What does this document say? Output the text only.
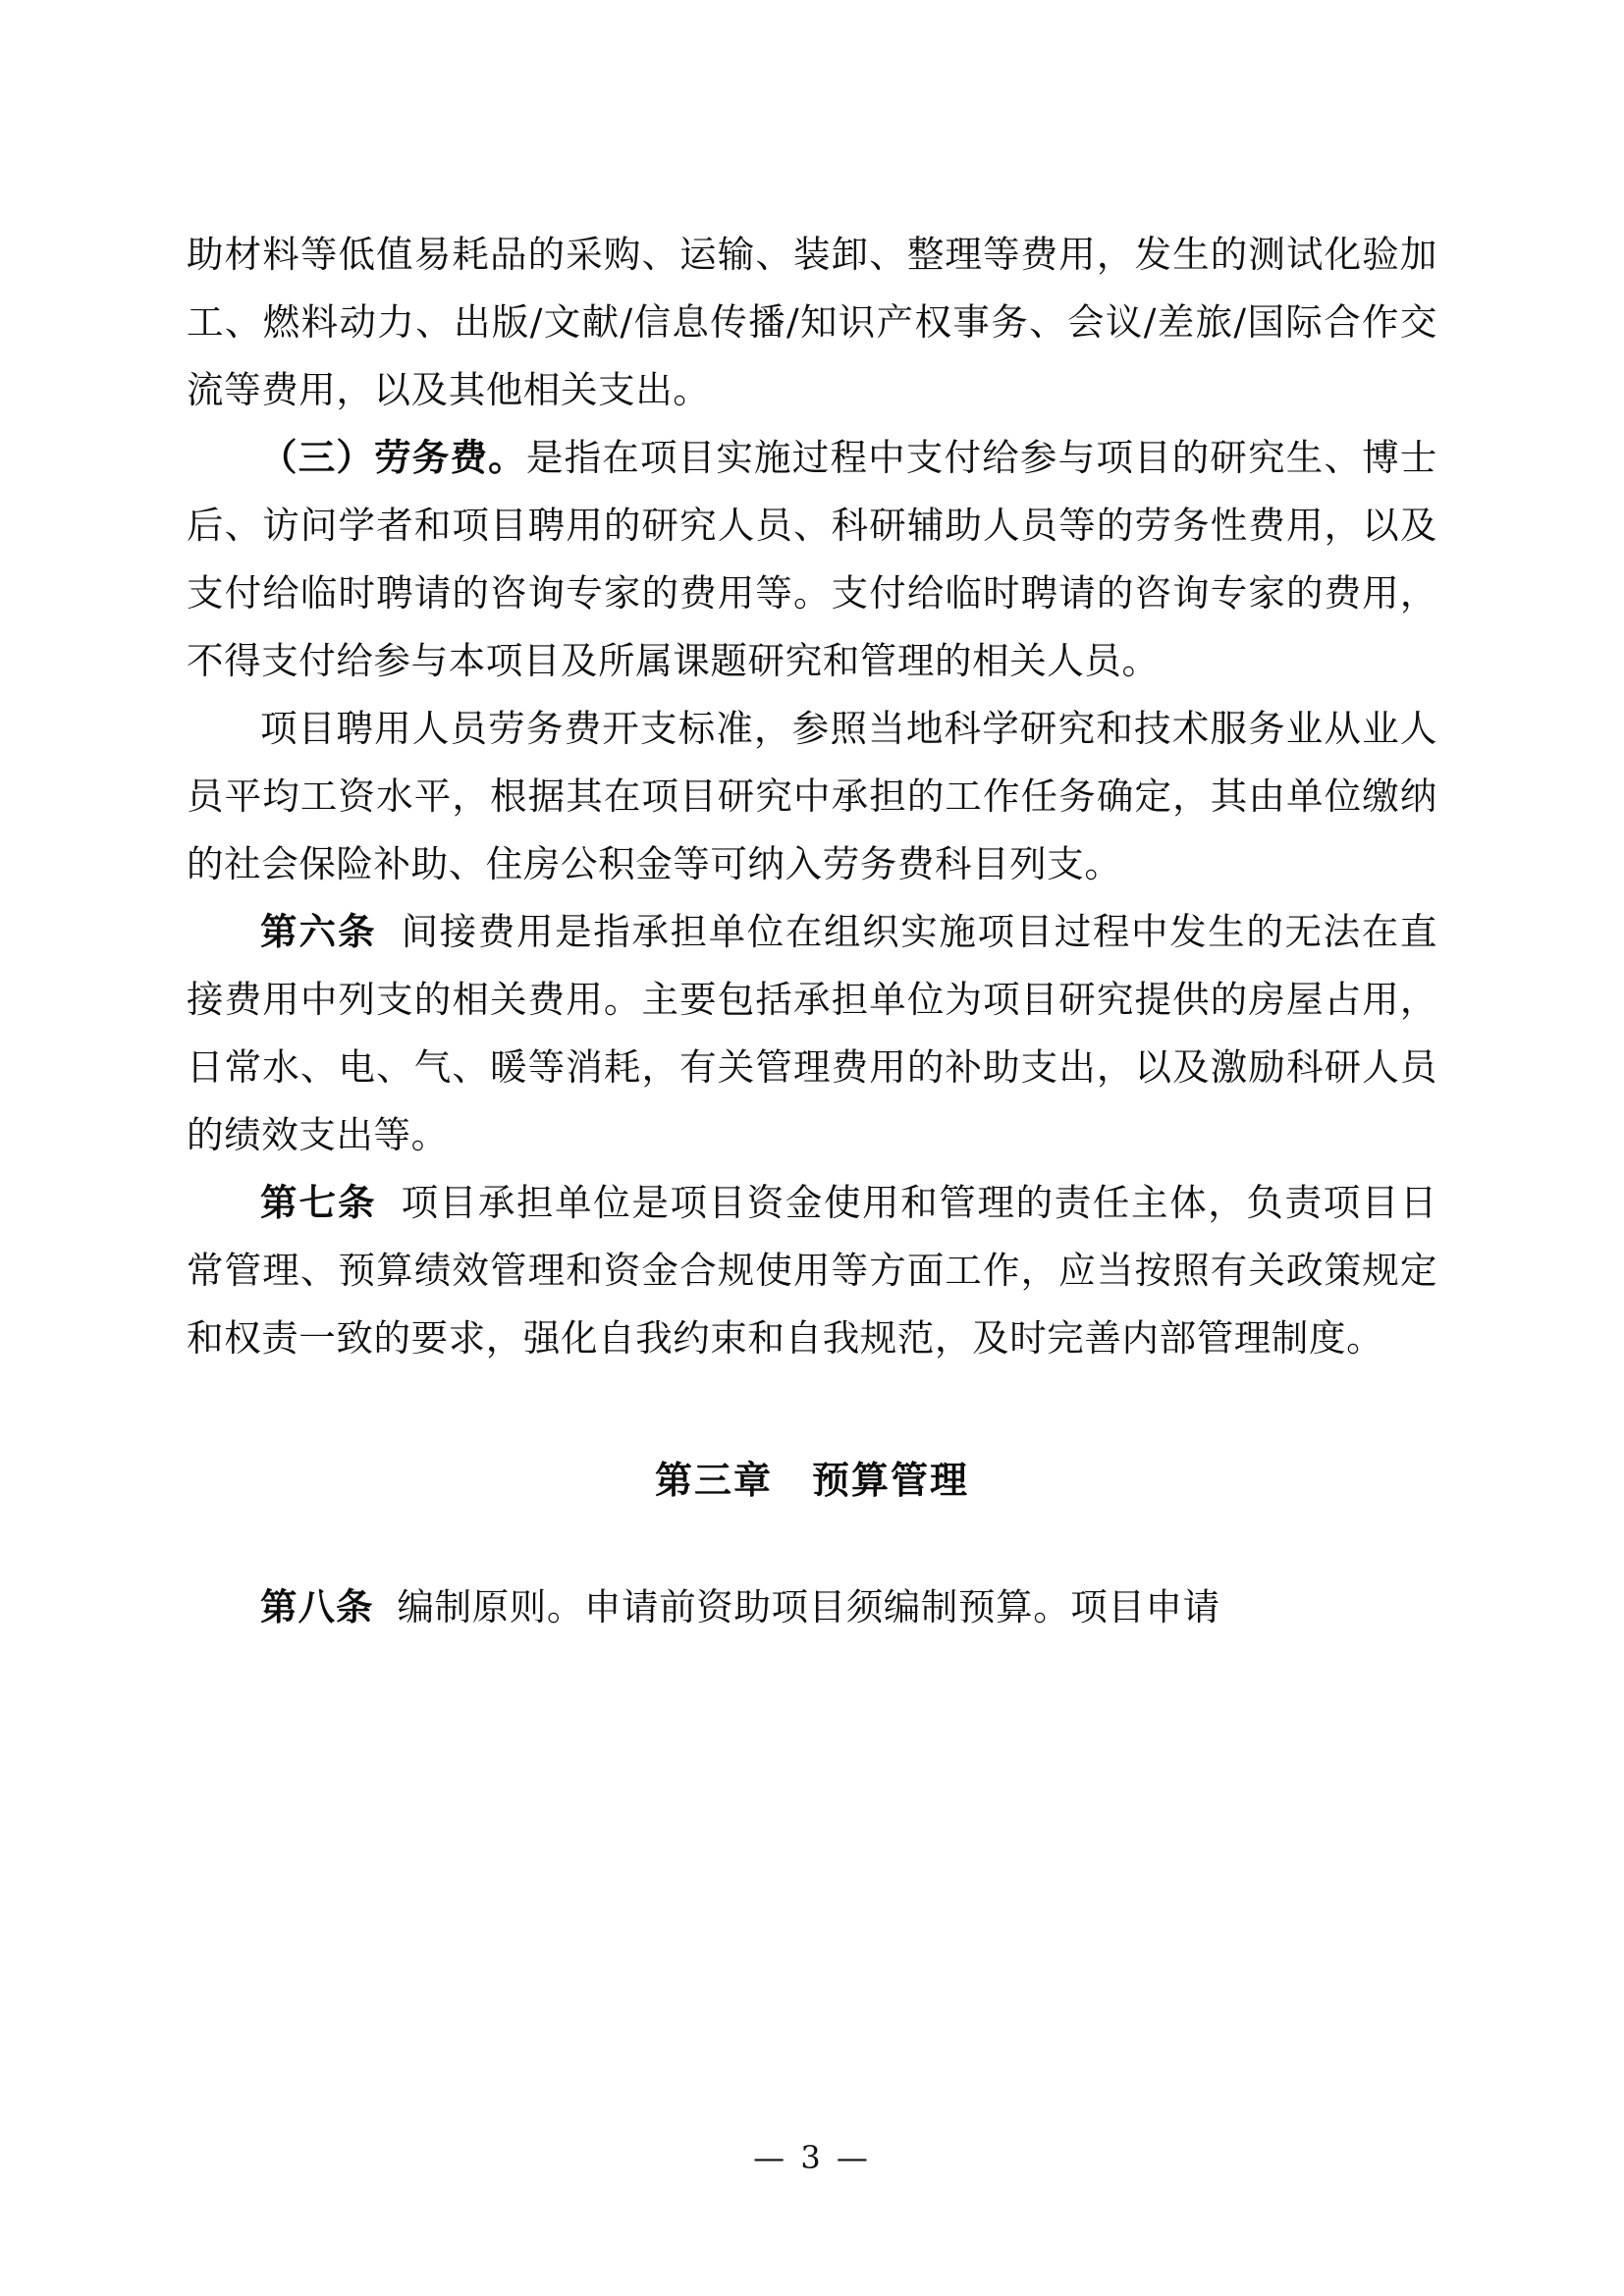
助材料等低值易耗品的采购、运输、装卸、整理等费用，发生的测试化验加工、燃料动力、出版/文献/信息传播/知识产权事务、会议/差旅/国际合作交流等费用，以及其他相关支出。

（三）劳务费。是指在项目实施过程中支付给参与项目的研究生、博士后、访问学者和项目聘用的研究人员、科研辅助人员等的劳务性费用，以及支付给临时聘请的咨询专家的费用等。支付给临时聘请的咨询专家的费用，不得支付给参与本项目及所属课题研究和管理的相关人员。

项目聘用人员劳务费开支标准，参照当地科学研究和技术服务业从业人员平均工资水平，根据其在项目研究中承担的工作任务确定，其由单位缴纳的社会保险补助、住房公积金等可纳入劳务费科目列支。

第六条 间接费用是指承担单位在组织实施项目过程中发生的无法在直接费用中列支的相关费用。主要包括承担单位为项目研究提供的房屋占用，日常水、电、气、暖等消耗，有关管理费用的补助支出，以及激励科研人员的绩效支出等。

第七条 项目承担单位是项目资金使用和管理的责任主体，负责项目日常管理、预算绩效管理和资金合规使用等方面工作，应当按照有关政策规定和权责一致的要求，强化自我约束和自我规范，及时完善内部管理制度。

第三章　预算管理

第八条 编制原则。申请前资助项目须编制预算。项目申请

— 3 —
